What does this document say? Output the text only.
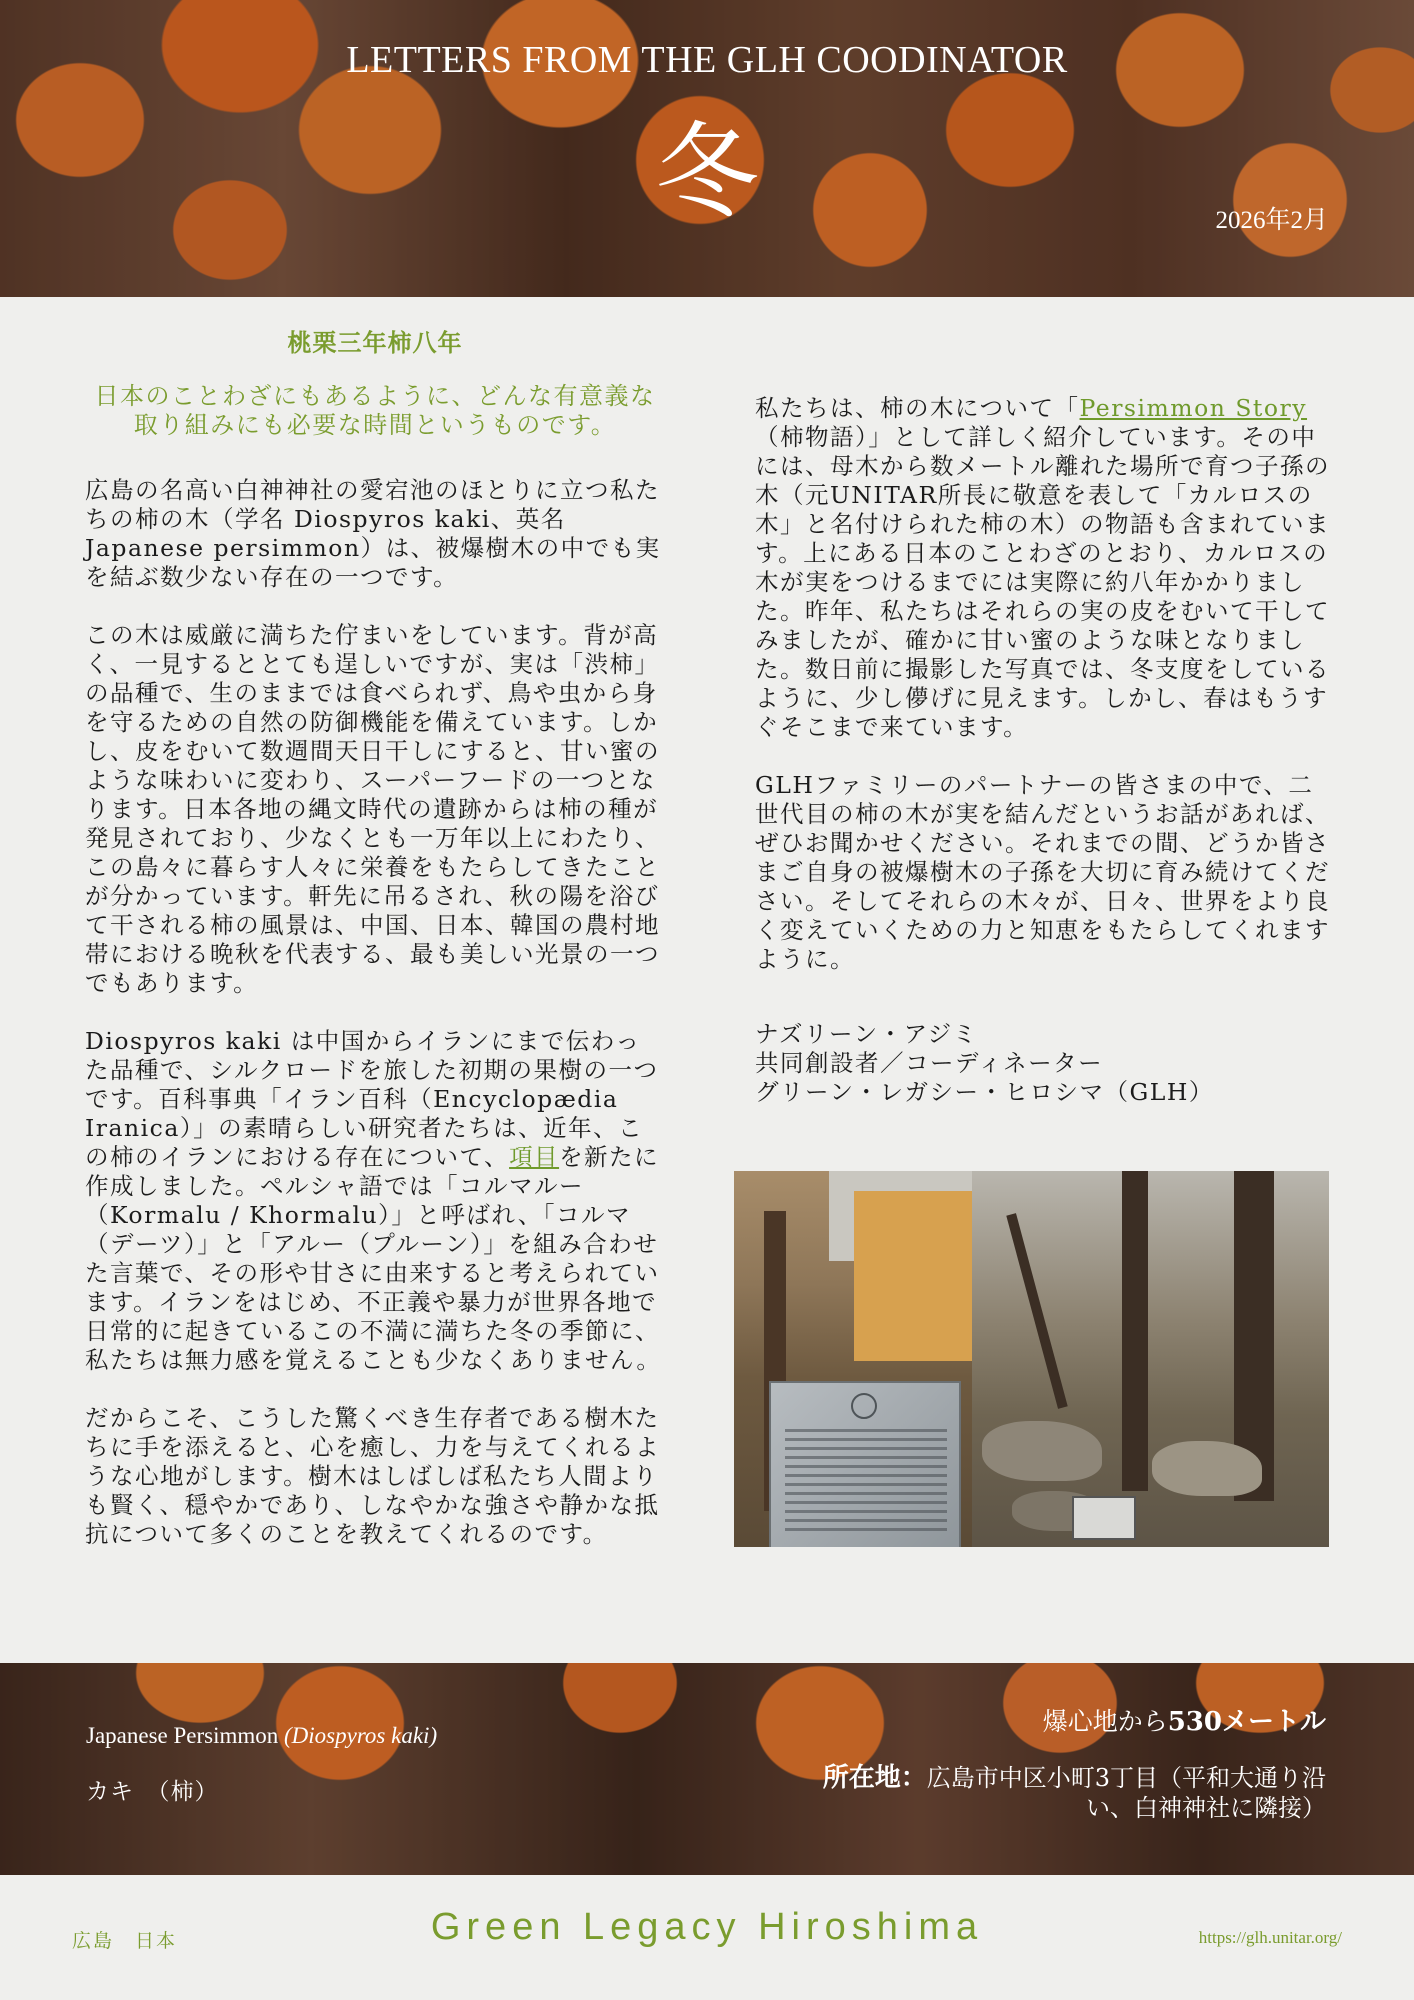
LETTERS FROM THE GLH COODINATOR
冬	2026年2月

桃栗三年柿八年

日本のことわざにもあるように、どんな有意義な取り組みにも必要な時間というものです。

広島の名高い白神神社の愛宕池のほとりに立つ私たちの柿の木（学名 Diospyros kaki、英名Japanese persimmon）は、被爆樹木の中でも実を結ぶ数少ない存在の一つです。

この木は威厳に満ちた佇まいをしています。背が高く、一見するととても逞しいですが、実は「渋柿」の品種で、生のままでは食べられず、鳥や虫から身を守るための自然の防御機能を備えています。しかし、皮をむいて数週間天日干しにすると、甘い蜜のような味わいに変わり、スーパーフードの一つとなります。日本各地の縄文時代の遺跡からは柿の種が発見されており、少なくとも一万年以上にわたり、この島々に暮らす人々に栄養をもたらしてきたことが分かっています。軒先に吊るされ、秋の陽を浴びて干される柿の風景は、中国、日本、韓国の農村地帯における晩秋を代表する、最も美しい光景の一つでもあります。

Diospyros kaki は中国からイランにまで伝わった品種で、シルクロードを旅した初期の果樹の一つです。百科事典「イラン百科（Encyclopædia Iranica）」の素晴らしい研究者たちは、近年、この柿のイランにおける存在について、項目を新たに作成しました。ペルシャ語では「コルマルー（Kormalu / Khormalu）」と呼ばれ、「コルマ（デーツ）」と「アルー（プルーン）」を組み合わせた言葉で、その形や甘さに由来すると考えられています。イランをはじめ、不正義や暴力が世界各地で日常的に起きているこの不満に満ちた冬の季節に、私たちは無力感を覚えることも少なくありません。

だからこそ、こうした驚くべき生存者である樹木たちに手を添えると、心を癒し、力を与えてくれるような心地がします。樹木はしばしば私たち人間よりも賢く、穏やかであり、しなやかな強さや静かな抵抗について多くのことを教えてくれるのです。

私たちは、柿の木について「Persimmon Story（柿物語）」として詳しく紹介しています。その中には、母木から数メートル離れた場所で育つ子孫の木（元UNITAR所長に敬意を表して「カルロスの木」と名付けられた柿の木）の物語も含まれています。上にある日本のことわざのとおり、カルロスの木が実をつけるまでには実際に約八年かかりました。昨年、私たちはそれらの実の皮をむいて干してみましたが、確かに甘い蜜のような味となりました。数日前に撮影した写真では、冬支度をしているように、少し儚げに見えます。しかし、春はもうすぐそこまで来ています。

GLHファミリーのパートナーの皆さまの中で、二世代目の柿の木が実を結んだというお話があれば、ぜひお聞かせください。それまでの間、どうか皆さまご自身の被爆樹木の子孫を大切に育み続けてください。そしてそれらの木々が、日々、世界をより良く変えていくための力と知恵をもたらしてくれますように。

ナズリーン・アジミ
共同創設者／コーディネーター
グリーン・レガシー・ヒロシマ（GLH）
Japanese Persimmon (Diospyros kaki)
カキ　（柿）
爆心地から530メートル
所在地：広島市中区小町3丁目（平和大通り沿い、白神神社に隣接）
広島　日本	Green Legacy Hiroshima	https://glh.unitar.org/
